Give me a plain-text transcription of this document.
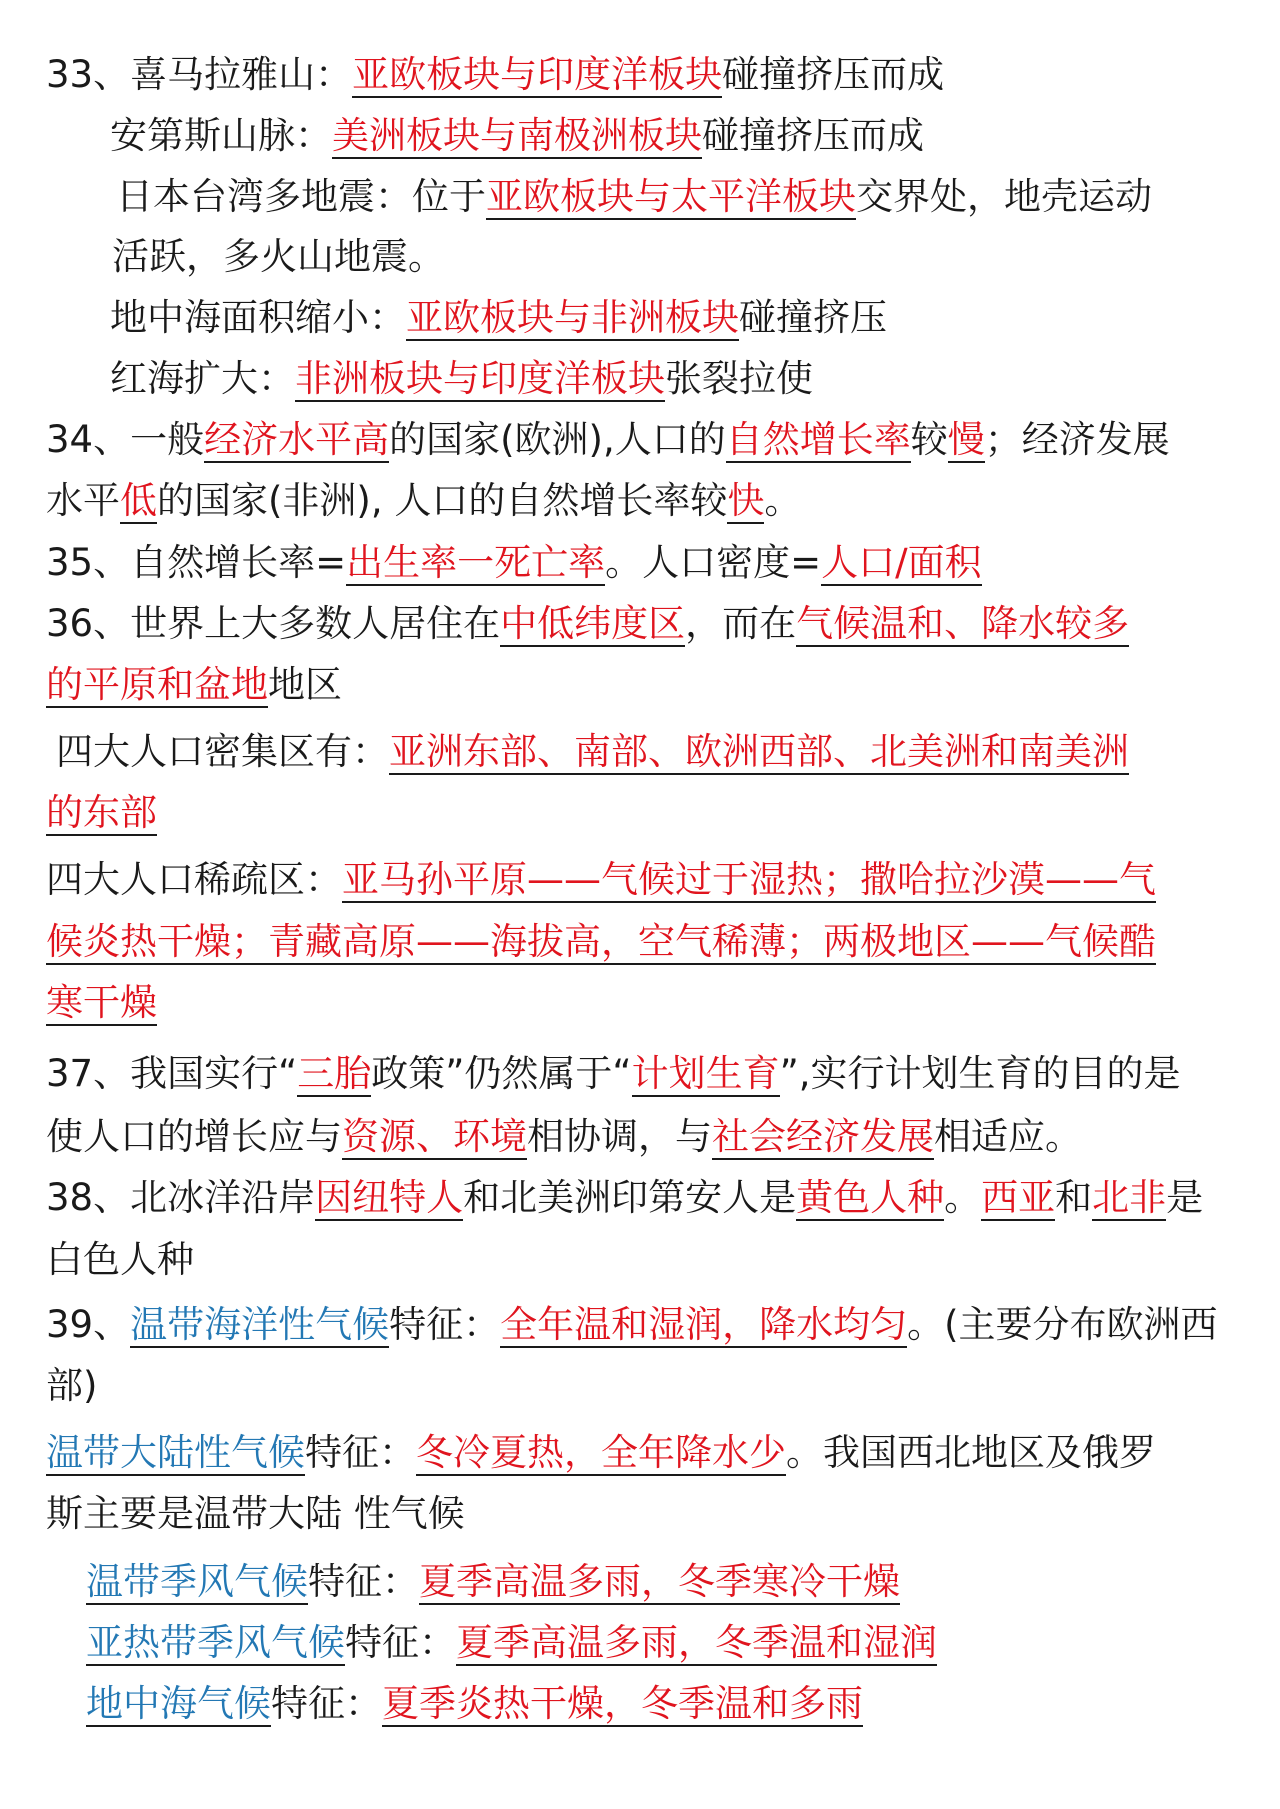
33、喜马拉雅山：亚欧板块与印度洋板块碰撞挤压而成
安第斯山脉：美洲板块与南极洲板块碰撞挤压而成
日本台湾多地震：位于亚欧板块与太平洋板块交界处，地壳运动
活跃，多火山地震。
地中海面积缩小：亚欧板块与非洲板块碰撞挤压
红海扩大：非洲板块与印度洋板块张裂拉使
34、一般经济水平高的国家(欧洲),人口的自然增长率较慢；经济发展
水平低的国家(非洲), 人口的自然增长率较快。
35、自然增长率=出生率一死亡率。人口密度=人口/面积
36、世界上大多数人居住在中低纬度区，而在气候温和、降水较多
的平原和盆地地区
四大人口密集区有：亚洲东部、南部、欧洲西部、北美洲和南美洲
的东部
四大人口稀疏区：亚马孙平原——气候过于湿热；撒哈拉沙漠——气
候炎热干燥；青藏高原——海拔高，空气稀薄；两极地区——气候酷
寒干燥
37、我国实行“三胎政策”仍然属于“计划生育”,实行计划生育的目的是
使人口的增长应与资源、环境相协调，与社会经济发展相适应。
38、北冰洋沿岸因纽特人和北美洲印第安人是黄色人种。西亚和北非是
白色人种
39、温带海洋性气候特征：全年温和湿润，降水均匀。(主要分布欧洲西
部)
温带大陆性气候特征：冬冷夏热，全年降水少。我国西北地区及俄罗
斯主要是温带大陆 性气候
温带季风气候特征：夏季高温多雨，冬季寒冷干燥
亚热带季风气候特征：夏季高温多雨，冬季温和湿润
地中海气候特征：夏季炎热干燥，冬季温和多雨
